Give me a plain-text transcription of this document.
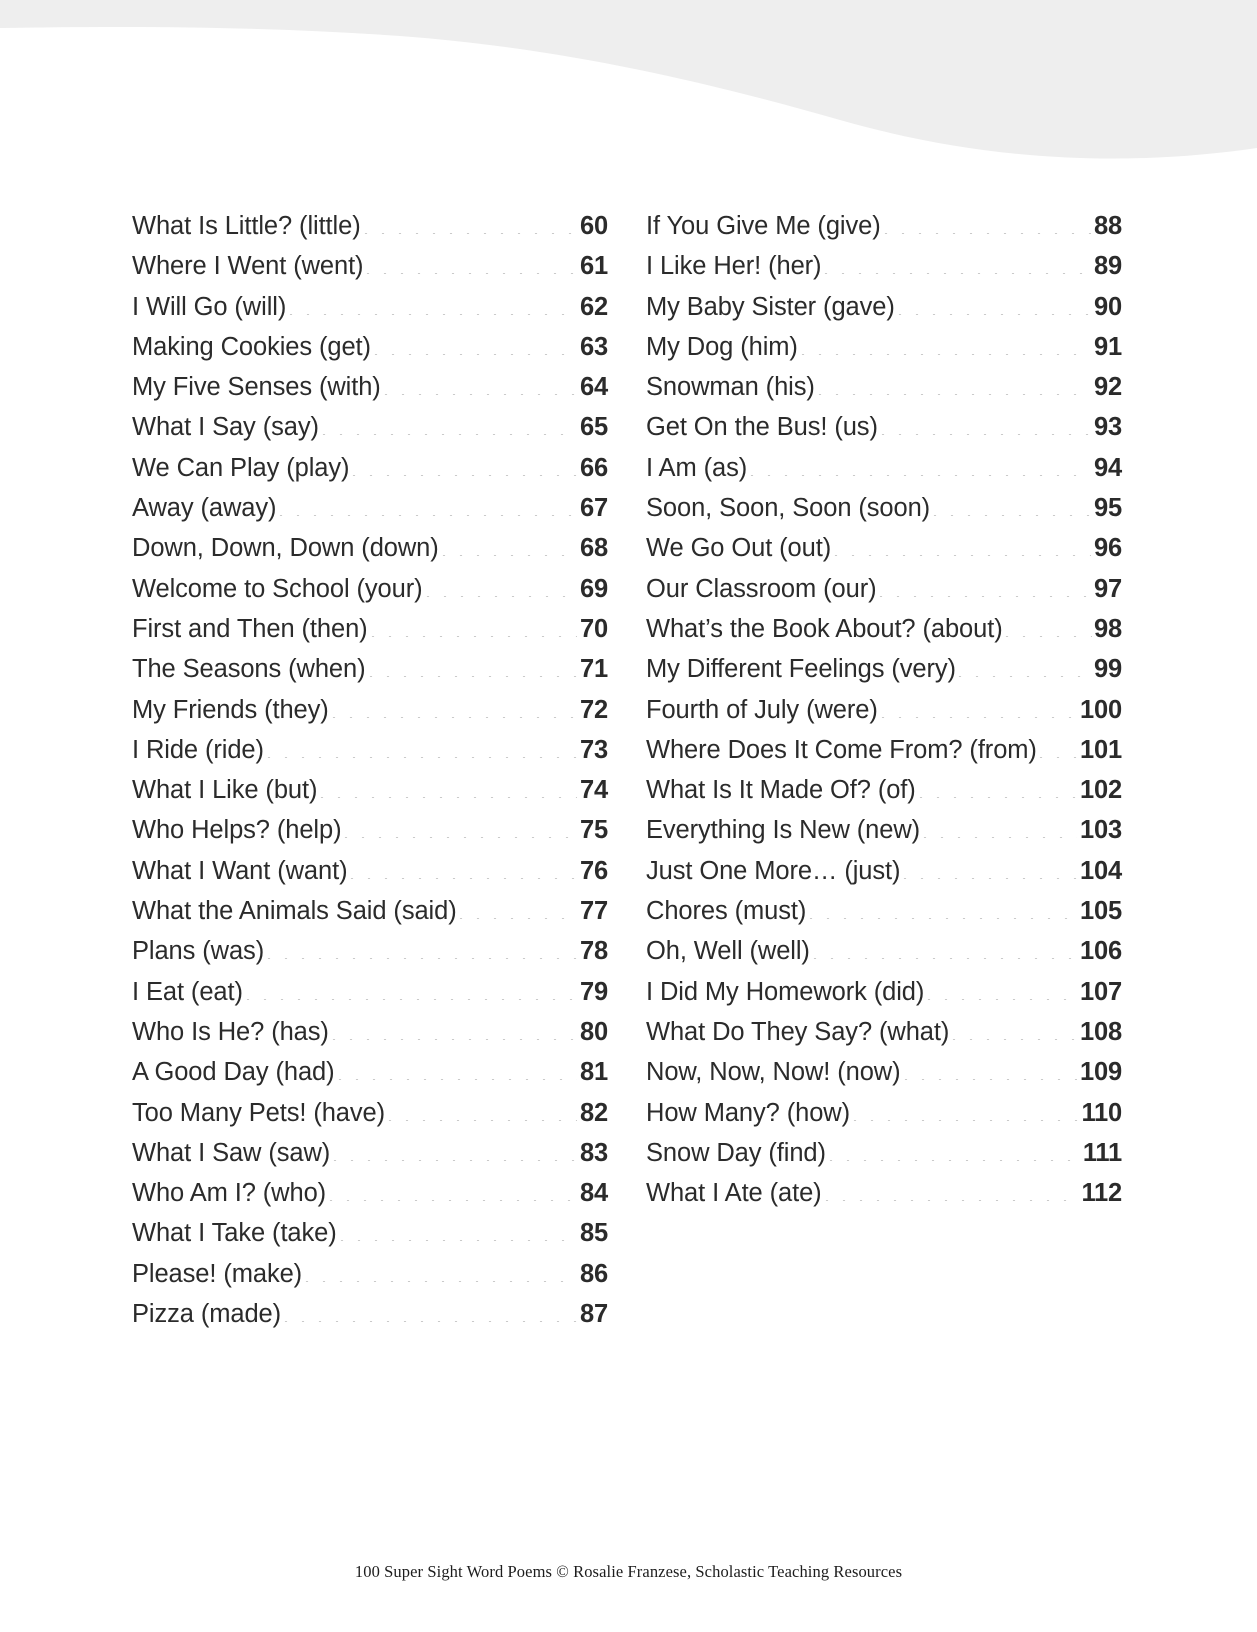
What Is Little? (little)	60
Where I Went (went)	61
I Will Go (will)	62
Making Cookies (get)	63
My Five Senses (with)	64
What I Say (say)	65
We Can Play (play)	66
Away (away)	67
Down, Down, Down (down)	68
Welcome to School (your)	69
First and Then (then)	70
The Seasons (when)	71
My Friends (they)	72
I Ride (ride)	73
What I Like (but)	74
Who Helps? (help)	75
What I Want (want)	76
What the Animals Said (said)	77
Plans (was)	78
I Eat (eat)	79
Who Is He? (has)	80
A Good Day (had)	81
Too Many Pets! (have)	82
What I Saw (saw)	83
Who Am I? (who)	84
What I Take (take)	85
Please! (make)	86
Pizza (made)	87
If You Give Me (give)	88
I Like Her! (her)	89
My Baby Sister (gave)	90
My Dog (him)	91
Snowman (his)	92
Get On the Bus! (us)	93
I Am (as)	94
Soon, Soon, Soon (soon)	95
We Go Out (out)	96
Our Classroom (our)	97
What’s the Book About? (about)	98
My Different Feelings (very)	99
Fourth of July (were)	100
Where Does It Come From? (from) 101
What Is It Made Of? (of)	102
Everything Is New (new)	103
Just One More… (just)	104
Chores (must)	105
Oh, Well (well)	106
I Did My Homework (did)	107
What Do They Say? (what)	108
Now, Now, Now! (now)	109
How Many? (how)	110
Snow Day (find)	111
What I Ate (ate)	112
100 Super Sight Word Poems © Rosalie Franzese, Scholastic Teaching Resources
